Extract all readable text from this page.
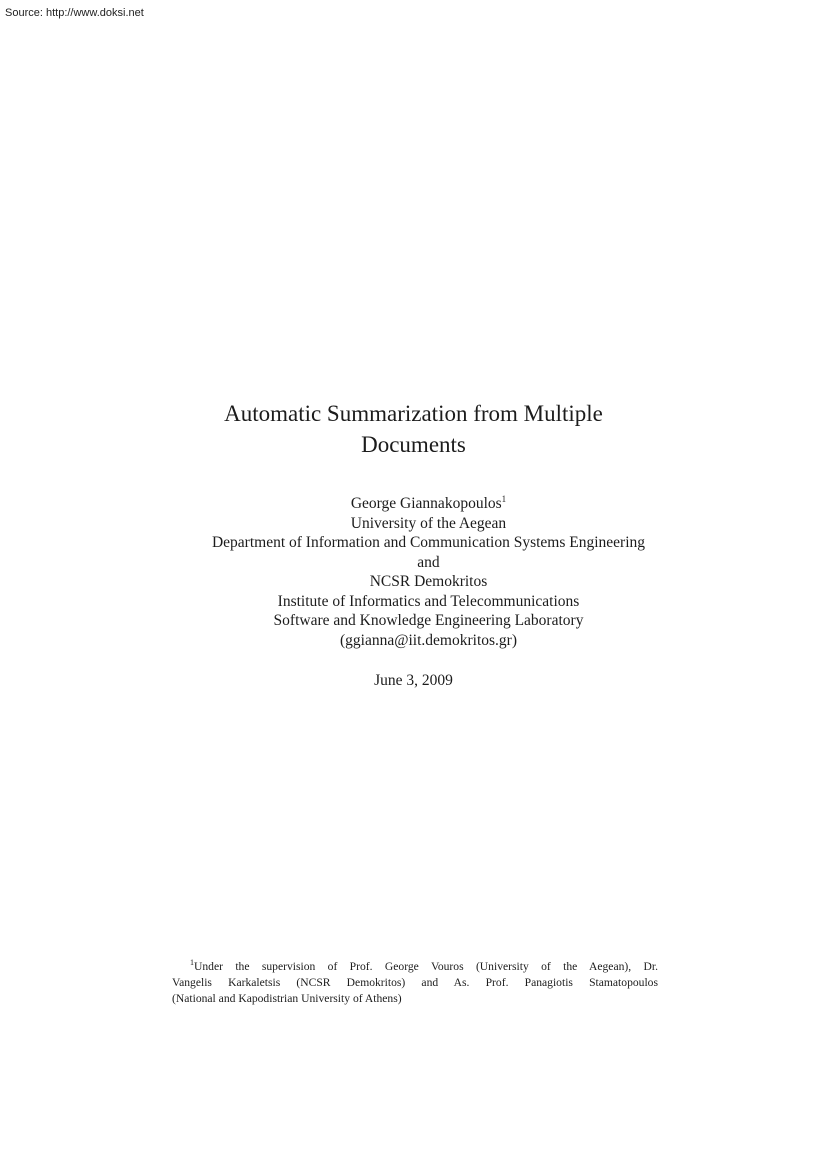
Source: http://www.doksi.net
Automatic Summarization from Multiple
Documents
George Giannakopoulos$^1$
University of the Aegean
Department of Information and Communication Systems Engineering
and
NCSR Demokritos
Institute of Informatics and Telecommunications
Software and Knowledge Engineering Laboratory
(ggianna@iit.demokritos.gr)
June 3, 2009
$^1$Under the supervision of Prof. George Vouros (University of the Aegean), Dr.
Vangelis Karkaletsis (NCSR Demokritos) and As. Prof. Panagiotis Stamatopoulos
(National and Kapodistrian University of Athens)
